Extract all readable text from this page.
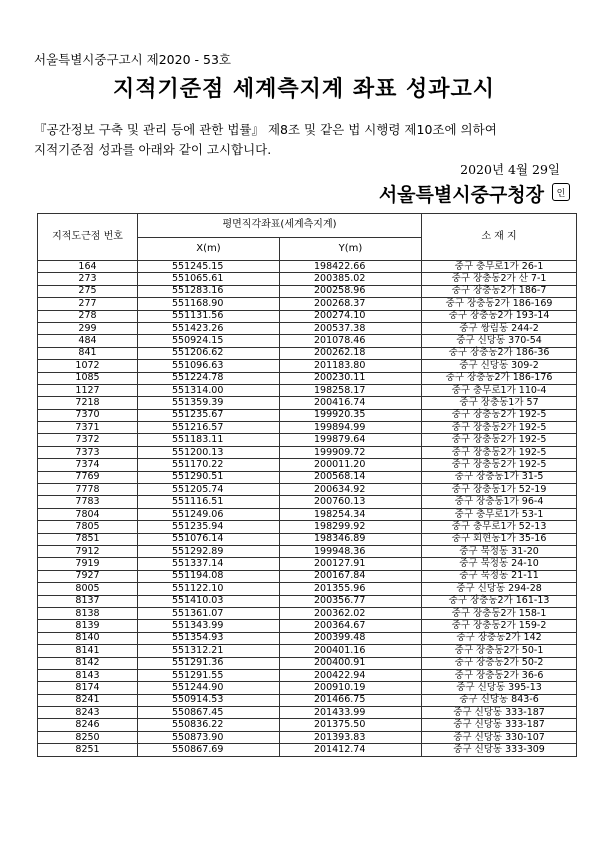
서울특별시중구고시 제2020 - 53호
지적기준점 세계측지계 좌표 성과고시
『공간정보 구축 및 관리 등에 관한 법률』 제8조 및 같은 법 시행령 제10조에 의하여
지적기준점 성과를 아래와 같이 고시합니다.
2020년 4월 29일
서울특별시중구청장	인
지적도근점 번호	평면직각좌표(세계측지계)		소 재 지
	X(m)	Y(m)	
164	551245.15	198422.66	중구 충무로1가 26-1
273	551065.61	200385.02	중구 장충동2가 산 7-1
275	551283.16	200258.96	중구 장충동2가 186-7
277	551168.90	200268.37	중구 장충동2가 186-169
278	551131.56	200274.10	중구 장충동2가 193-14
299	551423.26	200537.38	중구 쌍림동 244-2
484	550924.15	201078.46	중구 신당동 370-54
841	551206.62	200262.18	중구 장충동2가 186-36
1072	551096.63	201183.80	중구 신당동 309-2
1085	551224.78	200230.11	중구 장충동2가 186-176
1127	551314.00	198258.17	중구 충무로1가 110-4
7218	551359.39	200416.74	중구 장충동1가 57
7370	551235.67	199920.35	중구 장충동2가 192-5
7371	551216.57	199894.99	중구 장충동2가 192-5
7372	551183.11	199879.64	중구 장충동2가 192-5
7373	551200.13	199909.72	중구 장충동2가 192-5
7374	551170.22	200011.20	중구 장충동2가 192-5
7769	551290.51	200568.14	중구 장충동1가 31-5
7778	551205.74	200634.92	중구 장충동1가 52-19
7783	551116.51	200760.13	중구 장충동1가 96-4
7804	551249.06	198254.34	중구 충무로1가 53-1
7805	551235.94	198299.92	중구 충무로1가 52-13
7851	551076.14	198346.89	중구 회현동1가 35-16
7912	551292.89	199948.36	중구 묵정동 31-20
7919	551337.14	200127.91	중구 묵정동 24-10
7927	551194.08	200167.84	중구 묵정동 21-11
8005	551122.10	201355.96	중구 신당동 294-28
8137	551410.03	200356.77	중구 장충동2가 161-13
8138	551361.07	200362.02	중구 장충동2가 158-1
8139	551343.99	200364.67	중구 장충동2가 159-2
8140	551354.93	200399.48	중구 장충동2가 142
8141	551312.21	200401.16	중구 장충동2가 50-1
8142	551291.36	200400.91	중구 장충동2가 50-2
8143	551291.55	200422.94	중구 장충동2가 36-6
8174	551244.90	200910.19	중구 신당동 395-13
8241	550914.53	201466.75	중구 신당동 843-6
8243	550867.45	201433.99	중구 신당동 333-187
8246	550836.22	201375.50	중구 신당동 333-187
8250	550873.90	201393.83	중구 신당동 330-107
8251	550867.69	201412.74	중구 신당동 333-309
